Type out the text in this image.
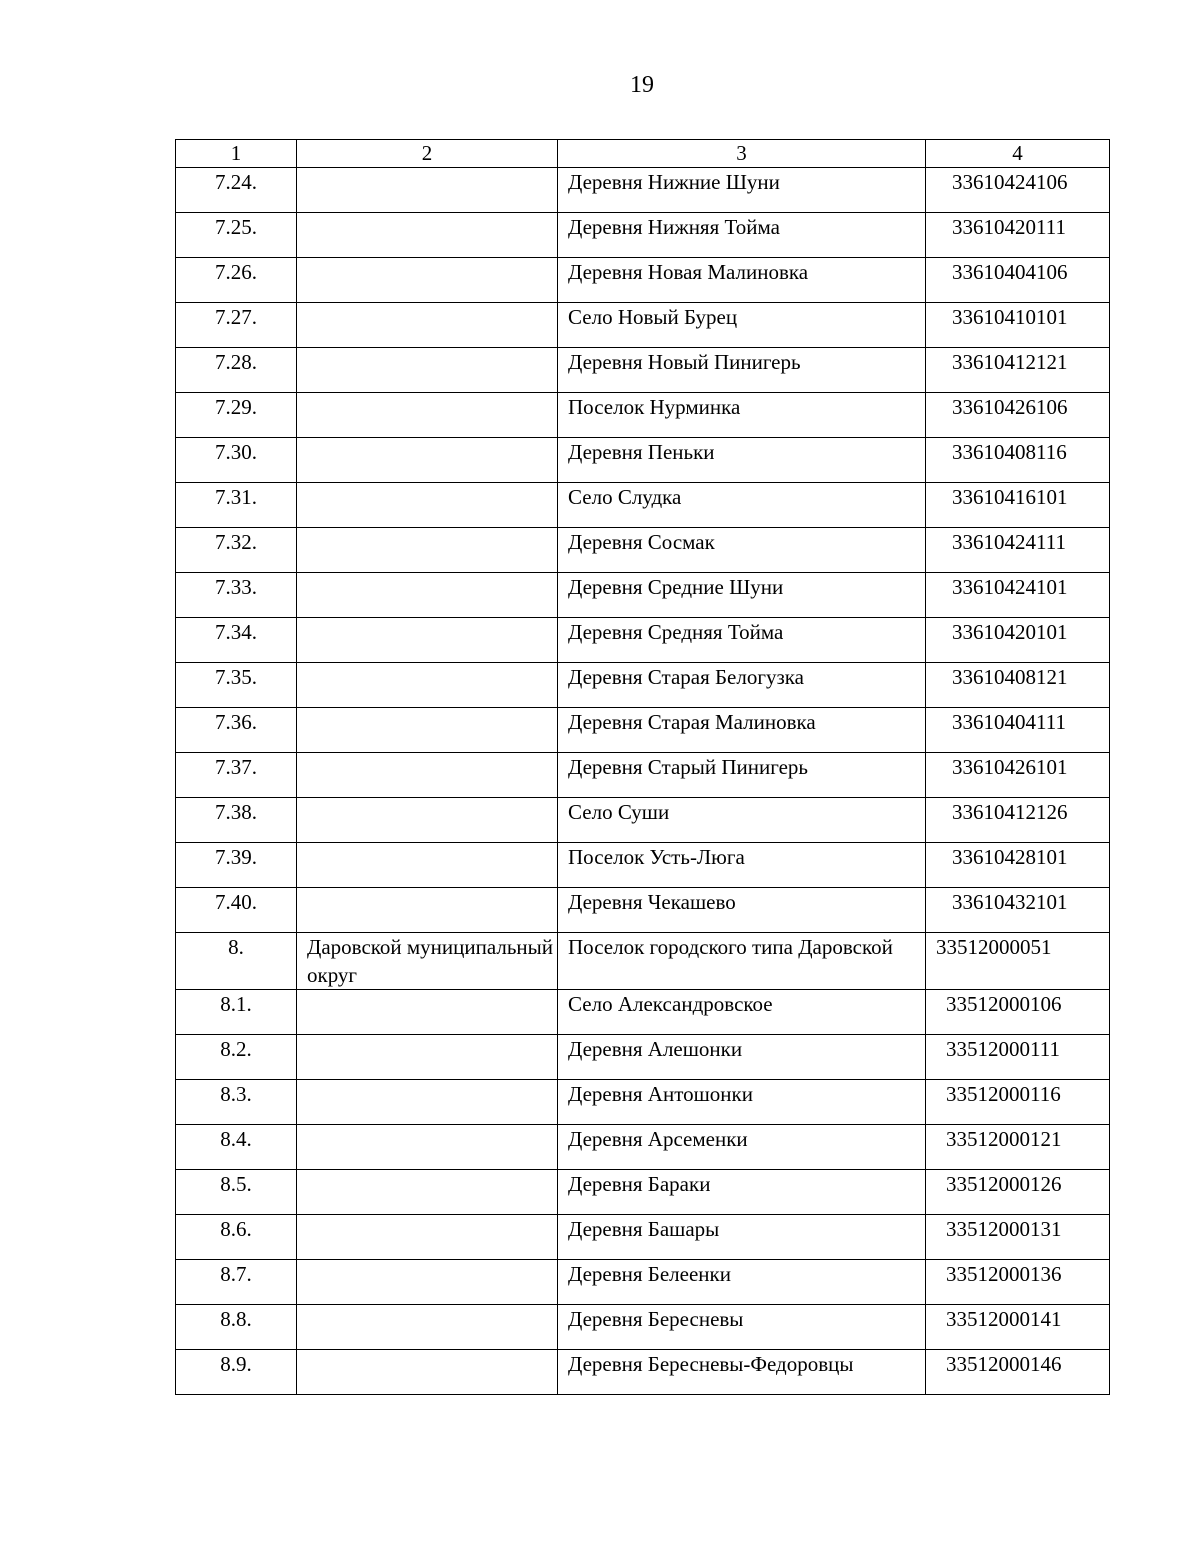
19
1	2	3	4
7.24.		Деревня Нижние Шуни	33610424106
7.25.		Деревня Нижняя Тойма	33610420111
7.26.		Деревня Новая Малиновка	33610404106
7.27.		Село Новый Бурец	33610410101
7.28.		Деревня Новый Пинигерь	33610412121
7.29.		Поселок Нурминка	33610426106
7.30.		Деревня Пеньки	33610408116
7.31.		Село Слудка	33610416101
7.32.		Деревня Сосмак	33610424111
7.33.		Деревня Средние Шуни	33610424101
7.34.		Деревня Средняя Тойма	33610420101
7.35.		Деревня Старая Белогузка	33610408121
7.36.		Деревня Старая Малиновка	33610404111
7.37.		Деревня Старый Пинигерь	33610426101
7.38.		Село Суши	33610412126
7.39.		Поселок Усть-Люга	33610428101
7.40.		Деревня Чекашево	33610432101
8.	Даровской муниципальный округ	Поселок городского типа Даровской	33512000051
8.1.		Село Александровское	33512000106
8.2.		Деревня Алешонки	33512000111
8.3.		Деревня Антошонки	33512000116
8.4.		Деревня Арсеменки	33512000121
8.5.		Деревня Бараки	33512000126
8.6.		Деревня Башары	33512000131
8.7.		Деревня Белеенки	33512000136
8.8.		Деревня Бересневы	33512000141
8.9.		Деревня Бересневы-Федоровцы	33512000146
